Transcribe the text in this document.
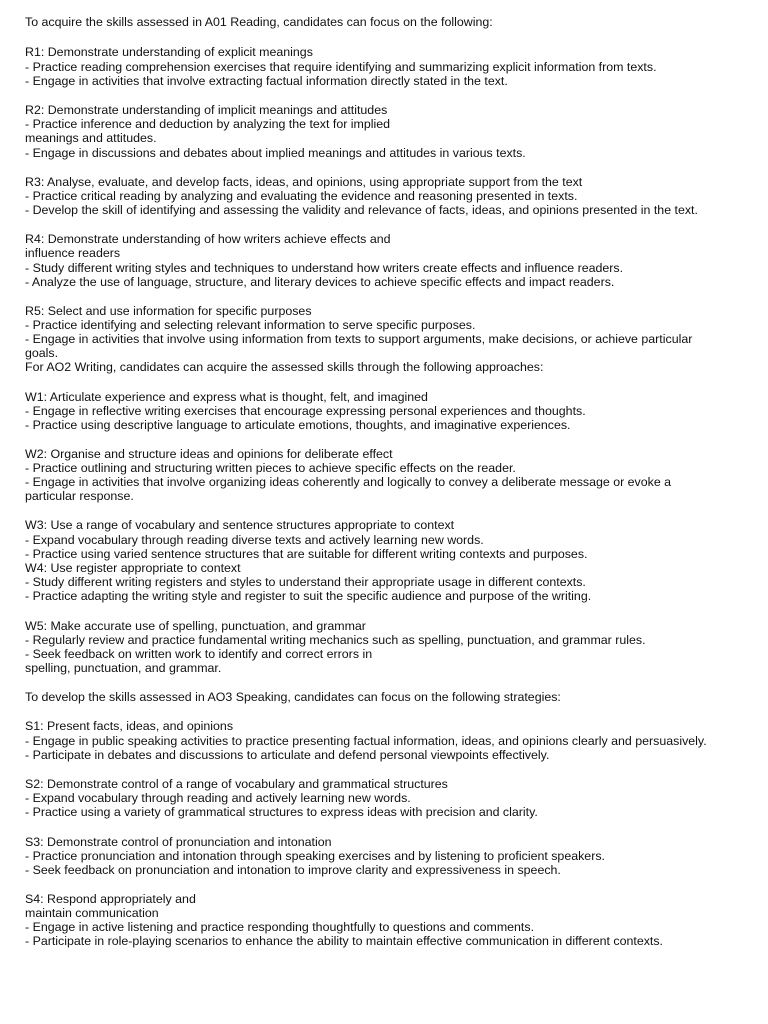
To acquire the skills assessed in A01 Reading, candidates can focus on the following:

R1: Demonstrate understanding of explicit meanings

- Practice reading comprehension exercises that require identifying and summarizing explicit information from texts.

- Engage in activities that involve extracting factual information directly stated in the text.

R2: Demonstrate understanding of implicit meanings and attitudes

- Practice inference and deduction by analyzing the text for implied

meanings and attitudes.

- Engage in discussions and debates about implied meanings and attitudes in various texts.

R3: Analyse, evaluate, and develop facts, ideas, and opinions, using appropriate support from the text

- Practice critical reading by analyzing and evaluating the evidence and reasoning presented in texts.

- Develop the skill of identifying and assessing the validity and relevance of facts, ideas, and opinions presented in the text.

R4: Demonstrate understanding of how writers achieve effects and

influence readers

- Study different writing styles and techniques to understand how writers create effects and influence readers.

- Analyze the use of language, structure, and literary devices to achieve specific effects and impact readers.

R5: Select and use information for specific purposes

- Practice identifying and selecting relevant information to serve specific purposes.

- Engage in activities that involve using information from texts to support arguments, make decisions, or achieve particular

goals.

For AO2 Writing, candidates can acquire the assessed skills through the following approaches:

W1: Articulate experience and express what is thought, felt, and imagined

- Engage in reflective writing exercises that encourage expressing personal experiences and thoughts.

- Practice using descriptive language to articulate emotions, thoughts, and imaginative experiences.

W2: Organise and structure ideas and opinions for deliberate effect

- Practice outlining and structuring written pieces to achieve specific effects on the reader.

- Engage in activities that involve organizing ideas coherently and logically to convey a deliberate message or evoke a

particular response.

W3: Use a range of vocabulary and sentence structures appropriate to context

- Expand vocabulary through reading diverse texts and actively learning new words.

- Practice using varied sentence structures that are suitable for different writing contexts and purposes.

W4: Use register appropriate to context

- Study different writing registers and styles to understand their appropriate usage in different contexts.

- Practice adapting the writing style and register to suit the specific audience and purpose of the writing.

W5: Make accurate use of spelling, punctuation, and grammar

- Regularly review and practice fundamental writing mechanics such as spelling, punctuation, and grammar rules.

- Seek feedback on written work to identify and correct errors in

spelling, punctuation, and grammar.

To develop the skills assessed in AO3 Speaking, candidates can focus on the following strategies:

S1: Present facts, ideas, and opinions

- Engage in public speaking activities to practice presenting factual information, ideas, and opinions clearly and persuasively.

- Participate in debates and discussions to articulate and defend personal viewpoints effectively.

S2: Demonstrate control of a range of vocabulary and grammatical structures

- Expand vocabulary through reading and actively learning new words.

- Practice using a variety of grammatical structures to express ideas with precision and clarity.

S3: Demonstrate control of pronunciation and intonation

- Practice pronunciation and intonation through speaking exercises and by listening to proficient speakers.

- Seek feedback on pronunciation and intonation to improve clarity and expressiveness in speech.

S4: Respond appropriately and

maintain communication

- Engage in active listening and practice responding thoughtfully to questions and comments.

- Participate in role-playing scenarios to enhance the ability to maintain effective communication in different contexts.
